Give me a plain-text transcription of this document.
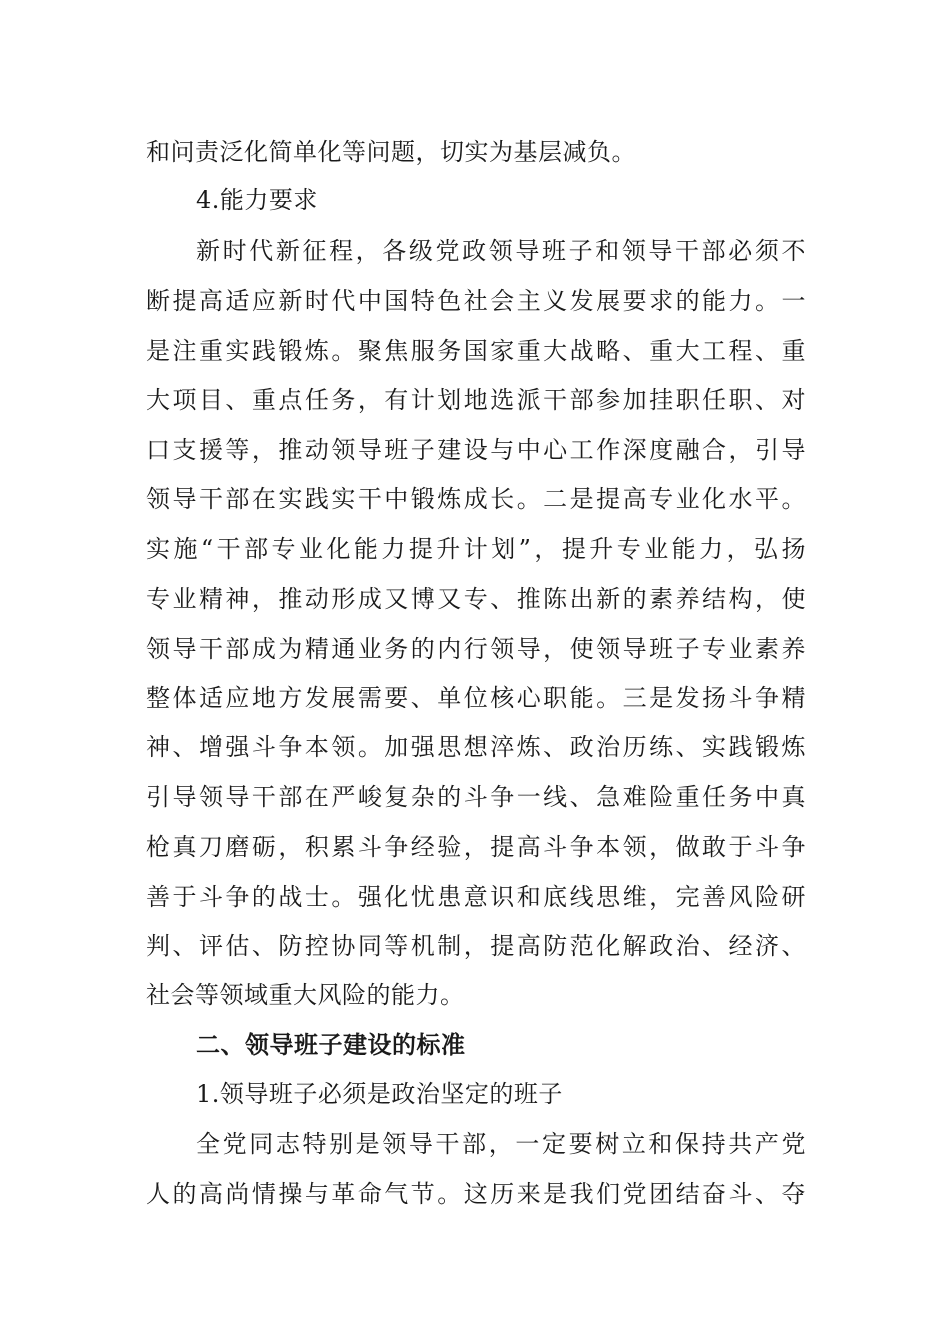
和问责泛化简单化等问题，切实为基层减负。
4.能力要求
新时代新征程，各级党政领导班子和领导干部必须不
断提高适应新时代中国特色社会主义发展要求的能力。一
是注重实践锻炼。聚焦服务国家重大战略、重大工程、重
大项目、重点任务，有计划地选派干部参加挂职任职、对
口支援等，推动领导班子建设与中心工作深度融合，引导
领导干部在实践实干中锻炼成长。二是提高专业化水平。
实施“干部专业化能力提升计划”，提升专业能力，弘扬
专业精神，推动形成又博又专、推陈出新的素养结构，使
领导干部成为精通业务的内行领导，使领导班子专业素养
整体适应地方发展需要、单位核心职能。三是发扬斗争精
神、增强斗争本领。加强思想淬炼、政治历练、实践锻炼
引导领导干部在严峻复杂的斗争一线、急难险重任务中真
枪真刀磨砺，积累斗争经验，提高斗争本领，做敢于斗争
善于斗争的战士。强化忧患意识和底线思维，完善风险研
判、评估、防控协同等机制，提高防范化解政治、经济、
社会等领域重大风险的能力。
二、领导班子建设的标准
1.领导班子必须是政治坚定的班子
全党同志特别是领导干部，一定要树立和保持共产党
人的高尚情操与革命气节。这历来是我们党团结奋斗、夺
